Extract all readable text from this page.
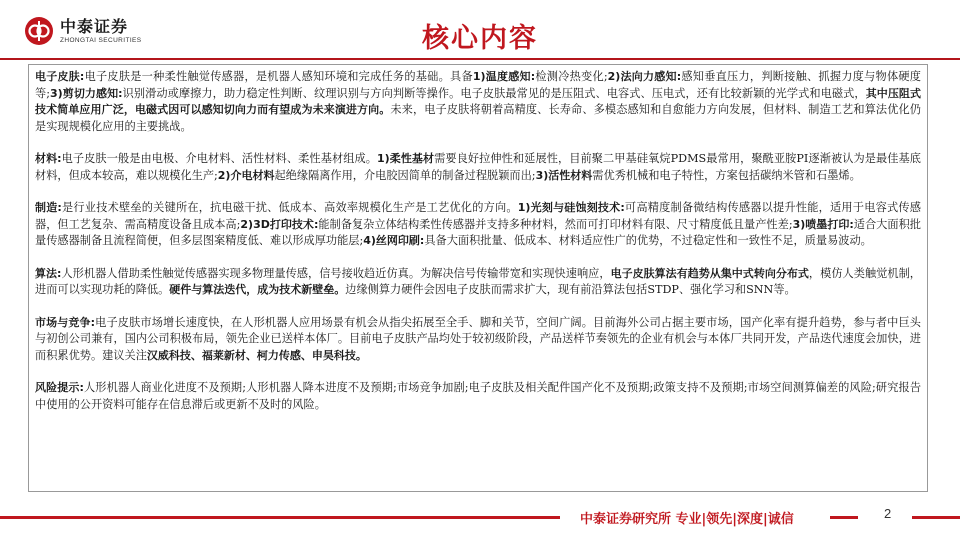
中泰证券
ZHONGTAI SECURITIES	核心内容

电子皮肤:电子皮肤是一种柔性触觉传感器，是机器人感知环境和完成任务的基础。具备1)温度感知:检测冷热变化;2)法向力感知:感知垂直压力，判断接触、抓握力度与物体硬度等;3)剪切力感知:识别滑动或摩擦力，助力稳定性判断、纹理识别与方向判断等操作。电子皮肤最常见的是压阻式、电容式、压电式，还有比较新颖的光学式和电磁式，其中压阻式技术简单应用广泛，电磁式因可以感知切向力而有望成为未来演进方向。未来，电子皮肤将朝着高精度、长寿命、多模态感知和自愈能力方向发展，但材料、制造工艺和算法优化仍是实现规模化应用的主要挑战。

材料:电子皮肤一般是由电极、介电材料、活性材料、柔性基材组成。1)柔性基材需要良好拉伸性和延展性，目前聚二甲基硅氧烷PDMS最常用，聚酰亚胺PI逐渐被认为是最佳基底材料，但成本较高，难以规模化生产;2)介电材料起绝缘隔离作用，介电胶因简单的制备过程脱颖而出;3)活性材料需优秀机械和电子特性，方案包括碳纳米管和石墨烯。

制造:是行业技术壁垒的关键所在，抗电磁干扰、低成本、高效率规模化生产是工艺优化的方向。1)光刻与硅蚀刻技术:可高精度制备微结构传感器以提升性能，适用于电容式传感器，但工艺复杂、需高精度设备且成本高;2)3D打印技术:能制备复杂立体结构柔性传感器并支持多种材料，然而可打印材料有限、尺寸精度低且量产性差;3)喷墨打印:适合大面积批量传感器制备且流程简便，但多层图案精度低、难以形成厚功能层;4)丝网印刷:具备大面积批量、低成本、材料适应性广的优势，不过稳定性和一致性不足，质量易波动。

算法:人形机器人借助柔性触觉传感器实现多物理量传感，信号接收趋近仿真。为解决信号传输带宽和实现快速响应，电子皮肤算法有趋势从集中式转向分布式，模仿人类触觉机制，进而可以实现功耗的降低。硬件与算法迭代，成为技术新壁垒。边缘侧算力硬件会因电子皮肤而需求扩大，现有前沿算法包括STDP、强化学习和SNN等。

市场与竞争:电子皮肤市场增长速度快，在人形机器人应用场景有机会从指尖拓展至全手、脚和关节，空间广阔。目前海外公司占据主要市场，国产化率有提升趋势，参与者中巨头与初创公司兼有，国内公司积极布局，领先企业已送样本体厂。目前电子皮肤产品均处于较初级阶段，产品送样节奏领先的企业有机会与本体厂共同开发，产品迭代速度会加快，进而积累优势。建议关注汉威科技、福莱新材、柯力传感、申昊科技。

风险提示:人形机器人商业化进度不及预期;人形机器人降本进度不及预期;市场竞争加剧;电子皮肤及相关配件国产化不及预期;政策支持不及预期;市场空间测算偏差的风险;研究报告中使用的公开资料可能存在信息滞后或更新不及时的风险。

中泰证券研究所 专业|领先|深度|诚信	2
